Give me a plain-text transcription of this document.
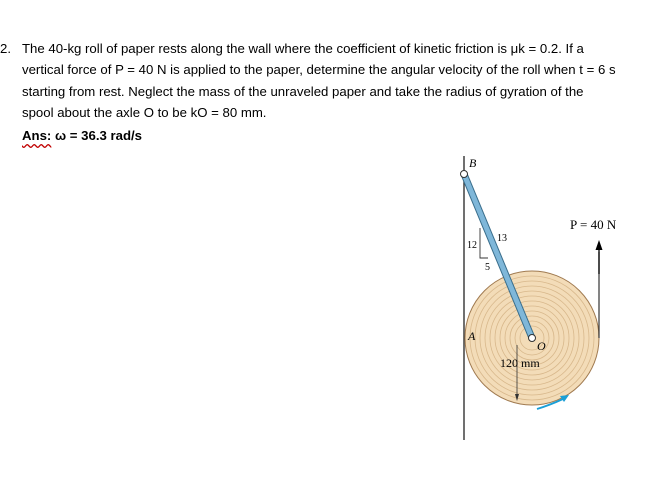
2. The 40-kg roll of paper rests along the wall where the coefficient of kinetic friction is μk = 0.2. If a
vertical force of P = 40 N is applied to the paper, determine the angular velocity of the roll when t = 6 s
starting from rest. Neglect the mass of the unraveled paper and take the radius of gyration of the
spool about the axle O to be kO = 80 mm.
Ans: ω = 36.3 rad/s
P = 40 N
B
A
O
13
12
5
120 mm
